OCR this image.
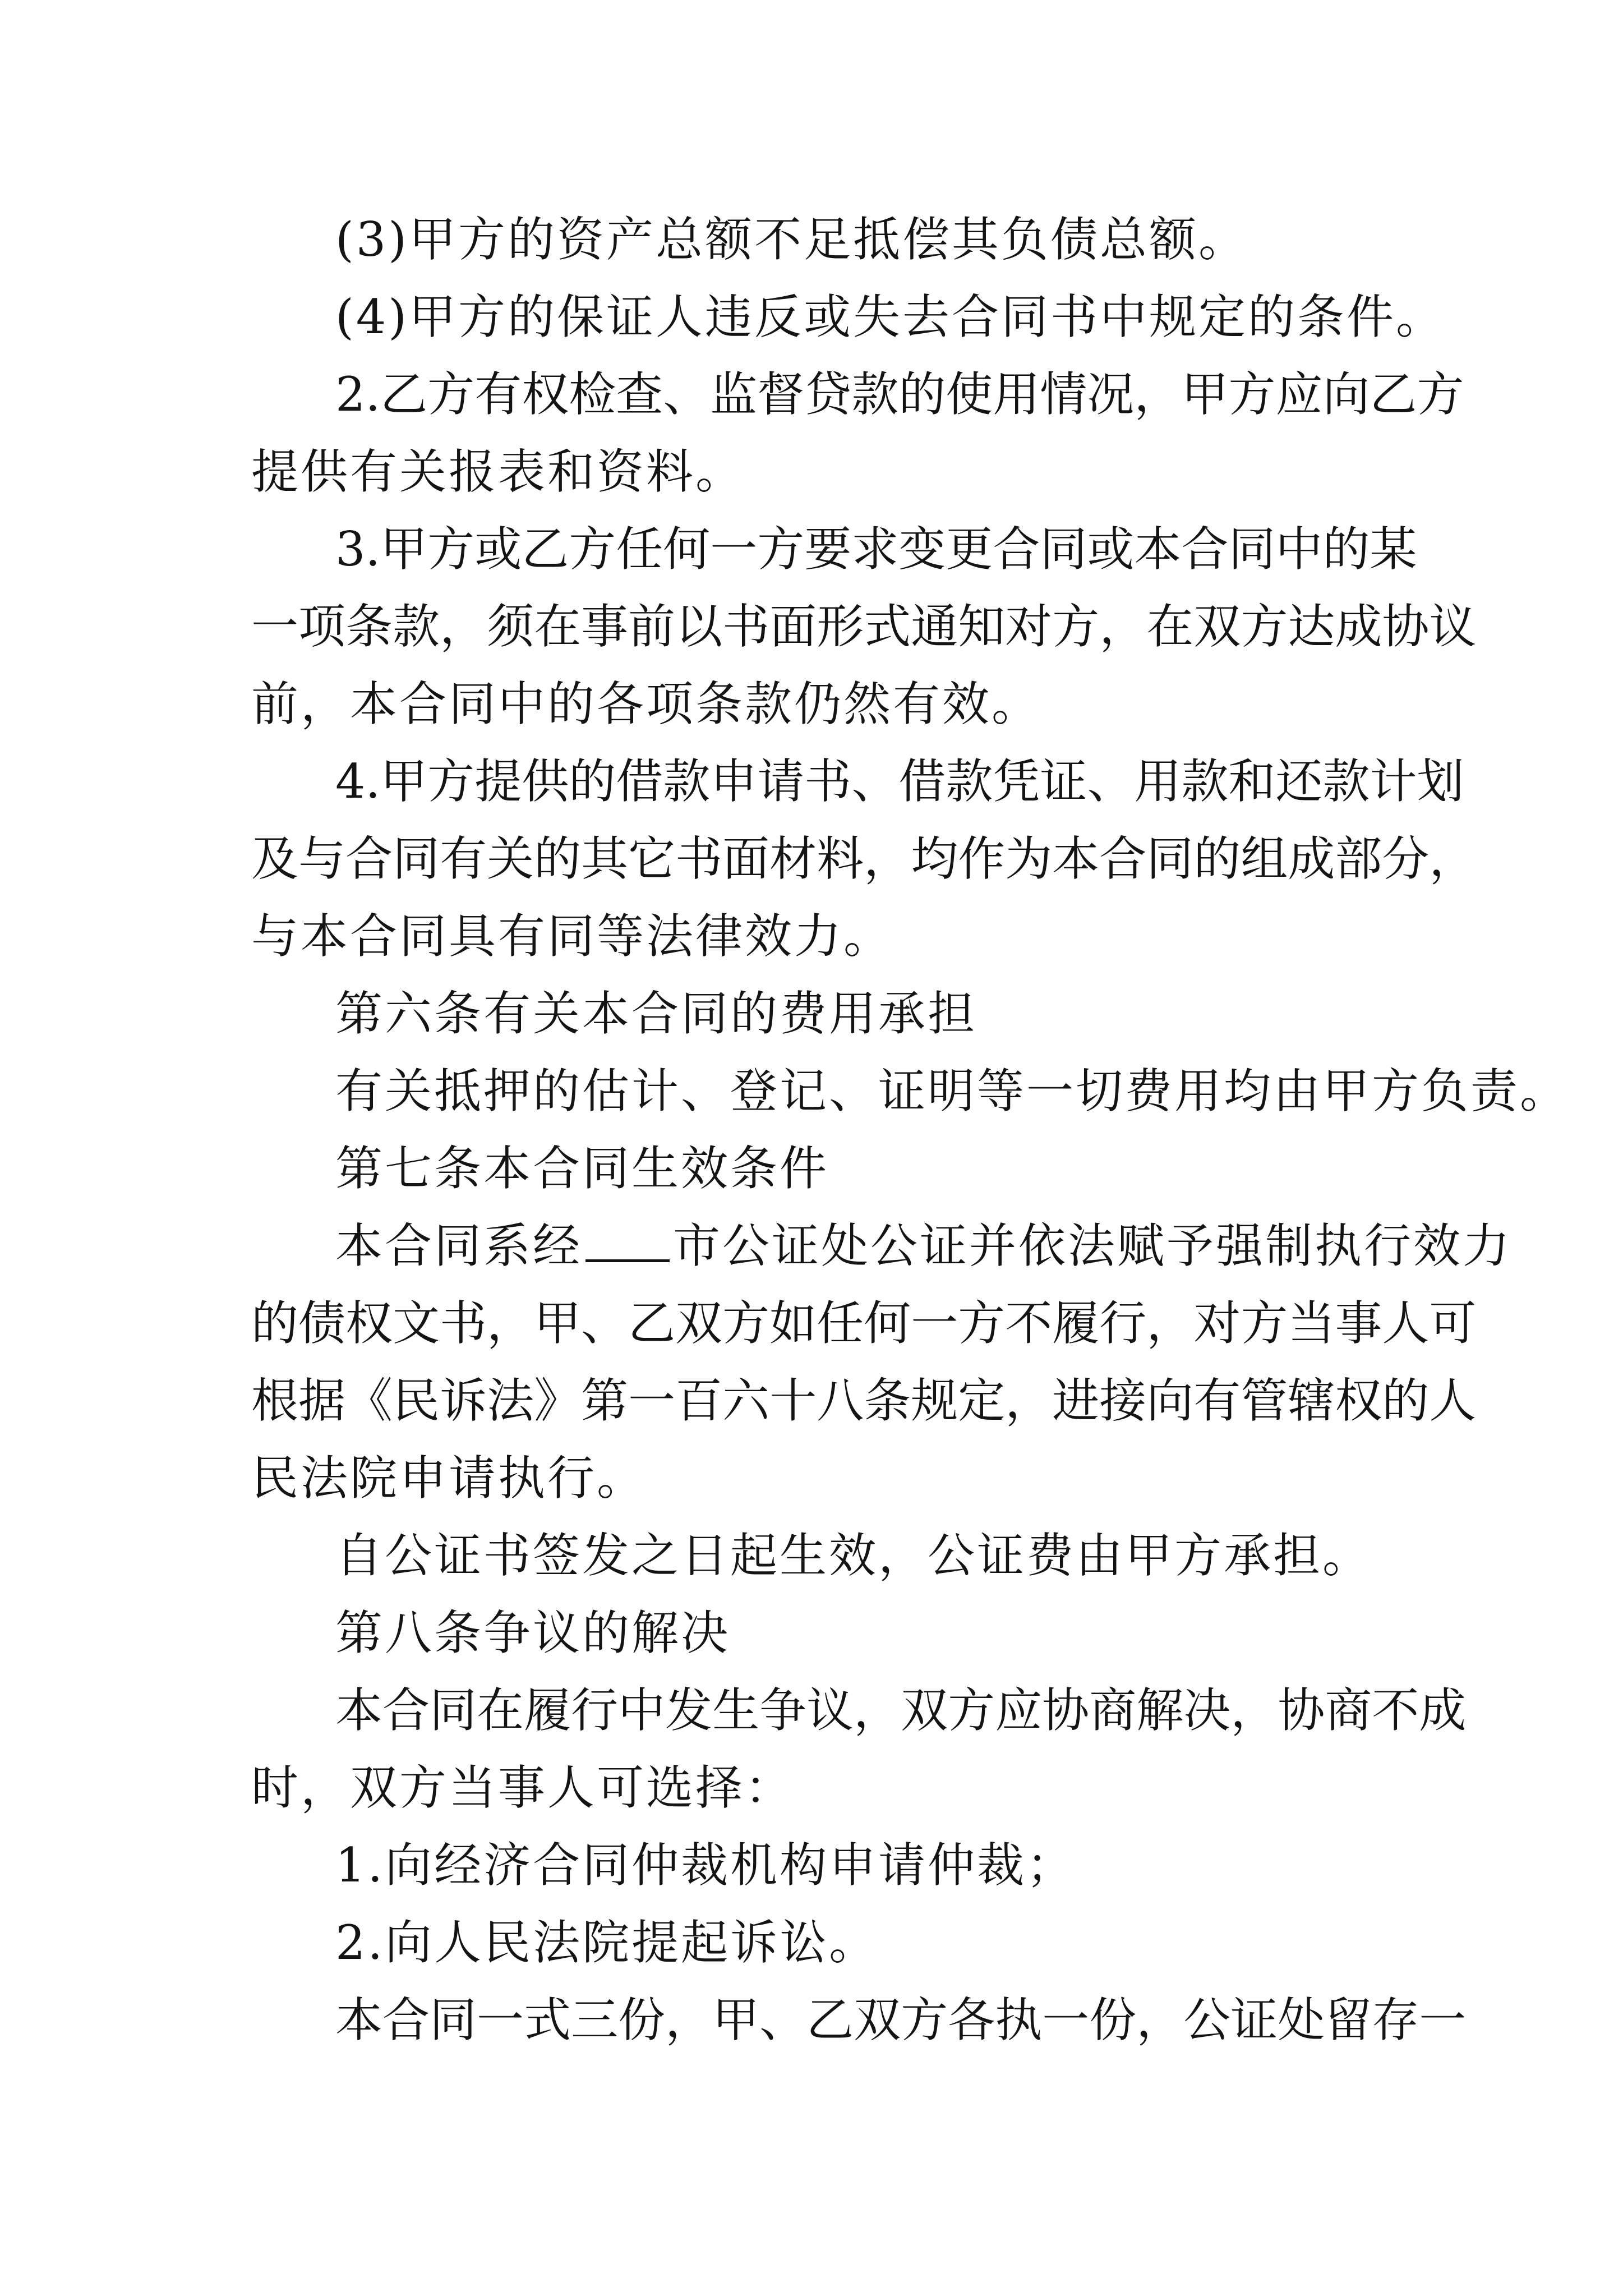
(3)甲方的资产总额不足抵偿其负债总额。

(4)甲方的保证人违反或失去合同书中规定的条件。

2 . 乙 方 有 权 检 查 、 监 督 贷 款 的 使 用 情 况 ， 甲 方 应 向 乙 方

提供有关报表和资料。

3 . 甲 方 或 乙 方 任 何 一 方 要 求 变 更 合 同 或 本 合 同 中 的 某

一 项 条 款 ， 须 在 事 前 以 书 面 形 式 通 知 对 方 ， 在 双 方 达 成 协 议

前，本合同中的各项条款仍然有效。

4 . 甲 方 提 供 的 借 款 申 请 书 、 借 款 凭 证 、 用 款 和 还 款 计 划

及 与 合 同 有 关 的 其 它 书 面 材 料 ， 均 作 为 本 合 同 的 组 成 部 分 ，

与本合同具有同等法律效力。

第六条有关本合同的费用承担

有关抵押的估计、登记、证明等一切费用均由甲方负责。

第七条本合同生效条件

本合同系经 市公证处公证并依法赋予强制执行效力

的 债 权 文 书 ， 甲 、 乙 双 方 如 任 何 一 方 不 履 行 ， 对 方 当 事 人 可

根 据 《 民 诉 法 》 第 一 百 六 十 八 条 规 定 ， 进 接 向 有 管 辖 权 的 人

民法院申请执行。

自公证书签发之日起生效，公证费由甲方承担。

第八条争议的解决

本 合 同 在 履 行 中 发 生 争 议 ， 双 方 应 协 商 解 决 ， 协 商 不 成

时，双方当事人可选择：

1.向经济合同仲裁机构申请仲裁；

2.向人民法院提起诉讼。

本 合 同 一 式 三 份 ， 甲 、 乙 双 方 各 执 一 份 ， 公 证 处 留 存 一
